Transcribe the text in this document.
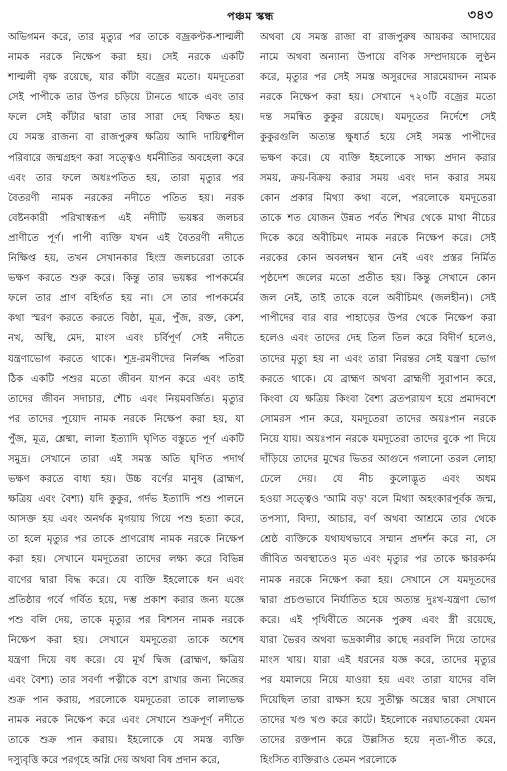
পঞ্চম স্কন্ধ	৩৪৩
অভিগমন করে, তার মৃত্যুর পর তাকে বজ্রকণ্টক-শাল্মলী
নামক নরকে নিক্ষেপ করা হয়। সেই নরকে একটি
শাল্মলী বৃক্ষ রয়েছে, যার কাঁটা বজ্রের মতো। যমদূতেরা
সেই পাপীকে তার উপর চড়িয়ে টানতে থাকে এবং তার
ফলে সেই কাঁটার দ্বারা তার সারা দেহ বিক্ষত হয়।
যে সমস্ত রাজন্য বা রাজপুরুষ ক্ষত্রিয় আদি দায়িত্বশীল
পরিবারে জন্মগ্রহণ করা সত্ত্বেও ধর্মনীতির অবহেলা করে
এবং তার ফলে অধঃপতিত হয়, তারা মৃত্যুর পর
বৈতরণী নামক নরকের নদীতে পতিত হয়। নরক
বেষ্টনকারী পরিখাস্বরূপ এই নদীটি ভয়ঙ্কর জলচর
প্রাণীতে পূর্ণ। পাপী ব্যক্তি যখন এই বৈতরণী নদীতে
নিক্ষিপ্ত হয়, তখন সেখানকার হিংস্র জলচরেরা তাকে
ভক্ষণ করতে শুরু করে। কিন্তু তার ভয়ঙ্কর পাপকর্মের
ফলে তার প্রাণ বহির্গত হয় না। সে তার পাপকর্মের
কথা স্মরণ করতে করতে বিষ্ঠা, মূত্র, পুঁজ, রক্ত, কেশ,
নখ, অস্থি, মেদ, মাংস এবং চর্বিপূর্ণ সেই নদীতে
যন্ত্রণাভোগ করতে থাকে। শূদ্র-রমণীদের নির্লজ্জ পতিরা
ঠিক একটি পশুর মতো জীবন যাপন করে এবং তাই
তাদের জীবন সদাচার, শৌচ এবং নিয়মবর্জিত। মৃত্যুর
পর তাদের পূয়োদ নামক নরকে নিক্ষেপ করা হয়, যা
পুঁজ, মূত্র, শ্লেষ্মা, লালা ইত্যাদি ঘৃণিত বস্তুতে পূর্ণ একটি
সমুদ্র। সেখানে তারা এই সমস্ত অতি ঘৃণিত পদার্থ
ভক্ষণ করতে বাধ্য হয়। উচ্চ বর্ণের মানুষ (ব্রাহ্মণ,
ক্ষত্রিয় এবং বৈশ্য) যদি কুকুর, গর্দভ ইত্যাদি পশু পালনে
আসক্ত হয় এবং অনর্থক মৃগয়ায় গিয়ে পশু হত্যা করে,
তা হলে মৃত্যুর পর তাকে প্রাণরোধ নামক নরকে নিক্ষেপ
করা হয়। সেখানে যমদূতেরা তাদের লক্ষ্য করে বিভিন্ন
বাণের দ্বারা বিদ্ধ করে। যে ব্যক্তি ইহলোকে ধন এবং
প্রতিষ্ঠার গর্বে গর্বিত হয়ে, দম্ভ প্রকাশ করার জন্য যজ্ঞে
পশু বলি দেয়, তাকে মৃত্যুর পর বিশসন নামক নরকে
নিক্ষেপ করা হয়। সেখানে যমদূতেরা তাকে অশেষ
যন্ত্রণা দিয়ে বধ করে। যে মূর্খ দ্বিজ (ব্রাহ্মণ, ক্ষত্রিয়
এবং বৈশ্য) তার সবর্ণা পত্নীকে বশে রাখার জন্য নিজের
শুক্র পান করায়, পরলোকে যমদূতেরা তাকে লালাভক্ষ
নামক নরকে নিক্ষেপ করে এবং সেখানে শুক্রপূর্ণ নদীতে
তাকে শুক্র পান করায়। ইহলোকে যে সমস্ত ব্যক্তি
দস্যুবৃত্তি করে পরগৃহে অগ্নি দেয় অথবা বিষ প্রদান করে,
অথবা যে সমস্ত রাজা বা রাজপুরুষ আয়কর আদায়ের
নামে অথবা অন্যান্য উপায়ে বণিক সম্প্রদায়কে লুণ্ঠন
করে, মৃত্যুর পর সেই সমস্ত অসুরদের সারমেয়াদন নামক
নরকে নিক্ষেপ করা হয়। সেখানে ৭২০টি বজ্রের মতো
দন্ত সমন্বিত কুকুর রয়েছে। যমদূতের নির্দেশে সেই
কুকুরগুলি অত্যন্ত ক্ষুধার্ত হয়ে সেই সমস্ত পাপীদের
ভক্ষণ করে। যে ব্যক্তি ইহলোকে সাক্ষ্য প্রদান করার
সময়, ক্রয়-বিক্রয় করার সময় এবং দান করার সময়
কোন প্রকার মিথ্যা কথা বলে, পরলোকে যমদূতেরা
তাকে শত যোজন উন্নত পর্বত শিখর থেকে মাথা নীচের
দিকে করে অবীচিমৎ নামক নরকে নিক্ষেপ করে। সেই
নরকের কোন অবলম্বন স্থান নেই এবং প্রস্তর নির্মিত
পৃষ্ঠদেশ জলের মতো প্রতীত হয়। কিন্তু সেখানে কোন
জল নেই, তাই তাকে বলে অবীচিমৎ (জলহীন)। সেই
পাপীদের বার বার পাহাড়ের উপর থেকে নিক্ষেপ করা
হলেও এবং তাদের দেহ তিল তিল করে বিদীর্ণ হলেও,
তাদের মৃত্যু হয় না এবং তারা নিরন্তর সেই যন্ত্রণা ভোগ
করতে থাকে। যে ব্রাহ্মণ অথবা ব্রাহ্মণী সুরাপান করে,
কিংবা যে ক্ষত্রিয় কিংবা বৈশ্য ব্রতপরায়ণ হয়ে প্রমাদবশে
সোমরস পান করে, যমদূতেরা তাদের অয়ঃপান নরকে
নিয়ে যায়। অয়ঃপান নরকে যমদূতেরা তাদের বুকে পা দিয়ে
দাঁড়িয়ে তাদের মুখের ভিতর আগুনে গলানো তরল লোহা
ঢেলে দেয়। যে নীচ কুলোদ্ভূত এবং অধম
হওয়া সত্ত্বেও 'আমি বড়' বলে মিথ্যা অহংকারপূর্বক জন্ম,
তপস্যা, বিদ্যা, আচার, বর্ণ অথবা আশ্রমে তার থেকে
শ্রেষ্ঠ ব্যক্তিকে যথাযথভাবে সম্মান প্রদর্শন করে না, সে
জীবিত অবস্থাতেও মৃত এবং মৃত্যুর পর তাকে ক্ষারকর্দম
নামক নরকে নিক্ষেপ করা হয়। সেখানে সে যমদূতদের
দ্বারা প্রচণ্ডভাবে নির্যাতিত হয়ে অত্যন্ত দুঃখ-যন্ত্রণা ভোগ
করে। এই পৃথিবীতে অনেক পুরুষ এবং স্ত্রী রয়েছে,
যারা ভৈরব অথবা ভদ্রকালীর কাছে নরবলি দিয়ে তাদের
মাংস খায়। যারা এই ধরনের যজ্ঞ করে, তাদের মৃত্যুর
পর যমালয়ে নিয়ে যাওয়া হয় এবং তারা যাদের বলি
দিয়েছিল তারা রাক্ষস হয়ে সুতীক্ষ্ণ অস্ত্রের দ্বারা সেখানে
তাদের খণ্ড খণ্ড করে কাটে। ইহলোকে নরঘাতকেরা যেমন
তাদের রক্তপান করে উল্লসিত হয়ে নৃত্য-গীত করে,
হিংসিত ব্যক্তিরাও তেমন পরলোকে
